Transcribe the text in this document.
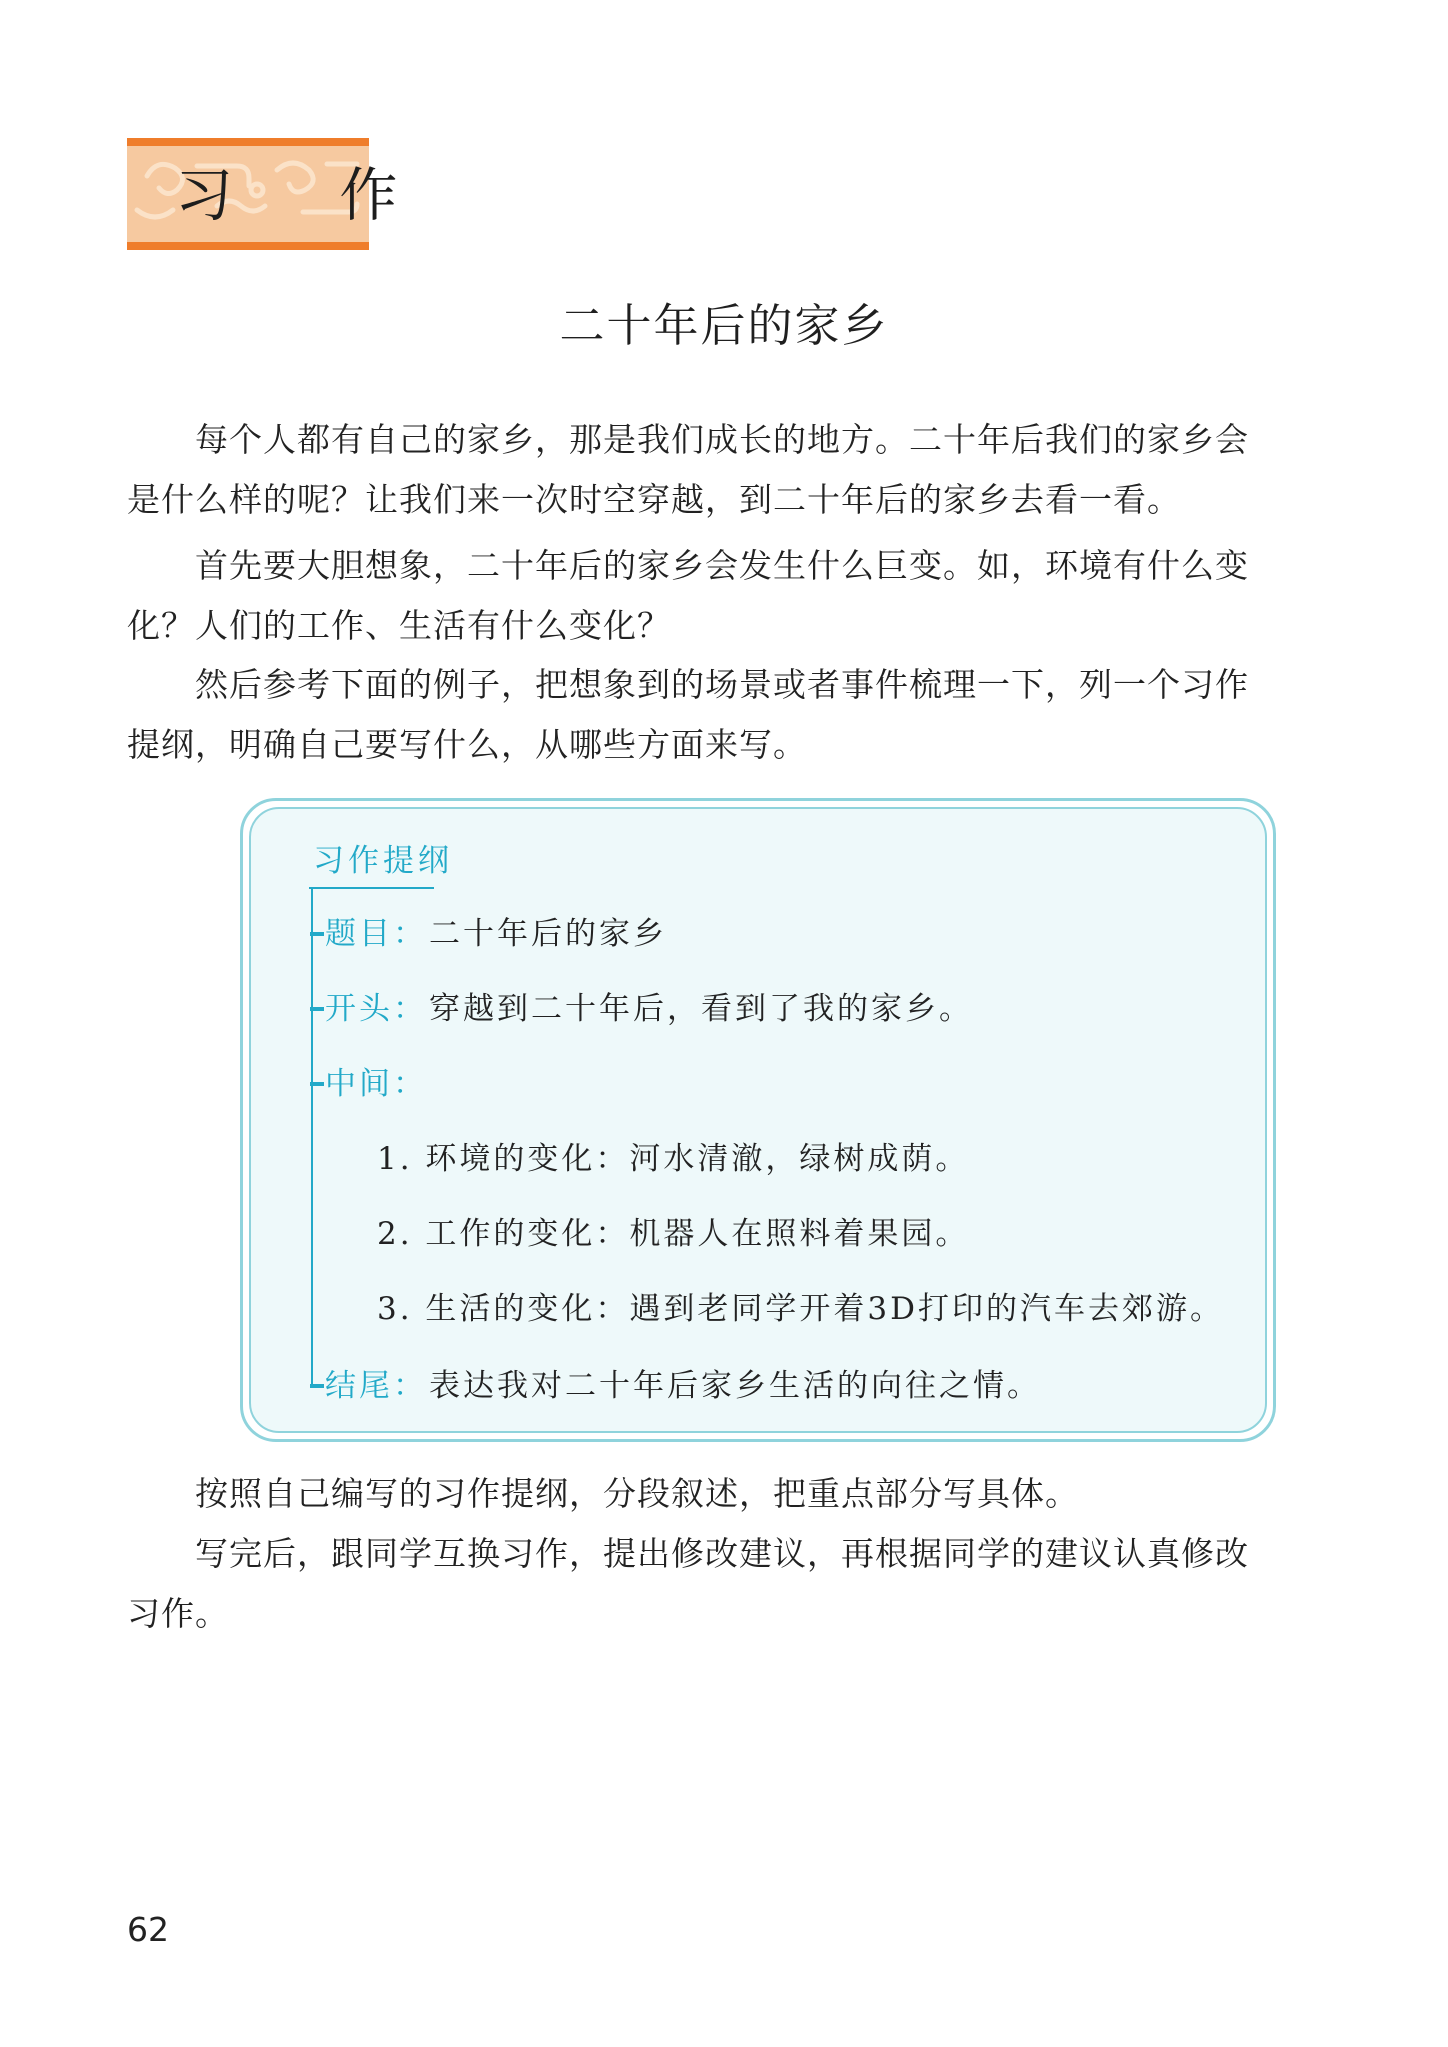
习 作
二十年后的家乡

每个人都有自己的家乡，那是我们成长的地方。二十年后我们的家乡会是什么样的呢？让我们来一次时空穿越，到二十年后的家乡去看一看。

首先要大胆想象，二十年后的家乡会发生什么巨变。如，环境有什么变化？人们的工作、生活有什么变化？

然后参考下面的例子，把想象到的场景或者事件梳理一下，列一个习作提纲，明确自己要写什么，从哪些方面来写。

习作提纲
题目： 二十年后的家乡
开头： 穿越到二十年后，看到了我的家乡。
中间：
1. 环境的变化：河水清澈，绿树成荫。
2. 工作的变化：机器人在照料着果园。
3. 生活的变化：遇到老同学开着3D打印的汽车去郊游。
结尾： 表达我对二十年后家乡生活的向往之情。

按照自己编写的习作提纲，分段叙述，把重点部分写具体。

写完后，跟同学互换习作，提出修改建议，再根据同学的建议认真修改习作。

62
